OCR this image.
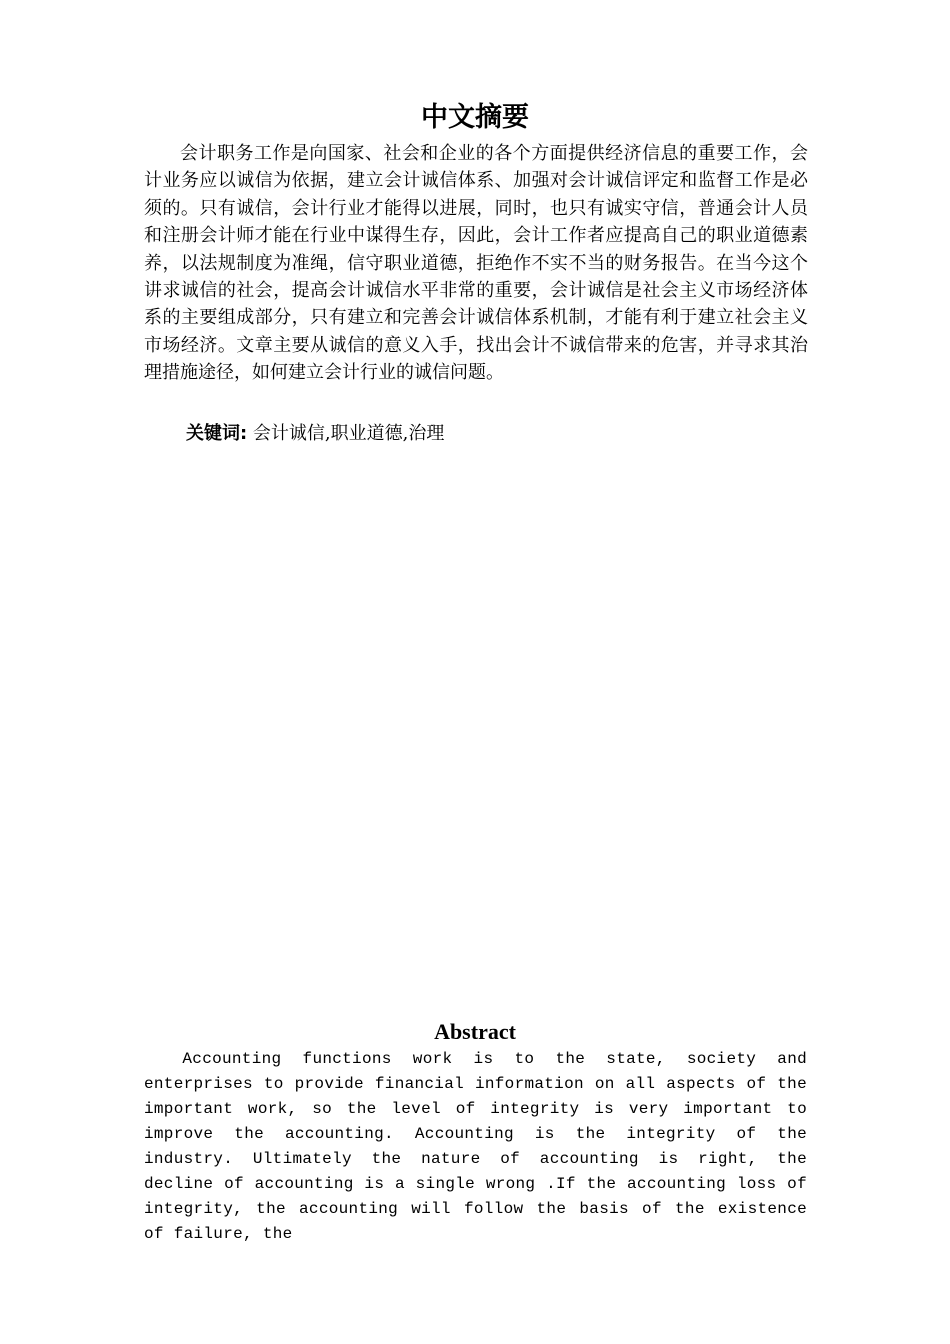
中文摘要

会计职务工作是向国家、社会和企业的各个方面提供经济信息的重要工作，会计业务应以诚信为依据，建立会计诚信体系、加强对会计诚信评定和监督工作是必须的。只有诚信，会计行业才能得以进展，同时，也只有诚实守信，普通会计人员和注册会计师才能在行业中谋得生存，因此，会计工作者应提高自己的职业道德素养，以法规制度为准绳，信守职业道德，拒绝作不实不当的财务报告。在当今这个讲求诚信的社会，提高会计诚信水平非常的重要，会计诚信是社会主义市场经济体系的主要组成部分，只有建立和完善会计诚信体系机制，才能有利于建立社会主义市场经济。文章主要从诚信的意义入手，找出会计不诚信带来的危害，并寻求其治理措施途径，如何建立会计行业的诚信问题。

关键词: 会计诚信,职业道德,治理
Abstract

Accounting functions work is to the state, society and enterprises to provide financial information on all aspects of the important work, so the level of integrity is very important to improve the accounting. Accounting is the integrity of the industry. Ultimately the nature of accounting is right, the decline of accounting is a single wrong .If the accounting loss of integrity, the accounting will follow the basis of the existence of failure, the
